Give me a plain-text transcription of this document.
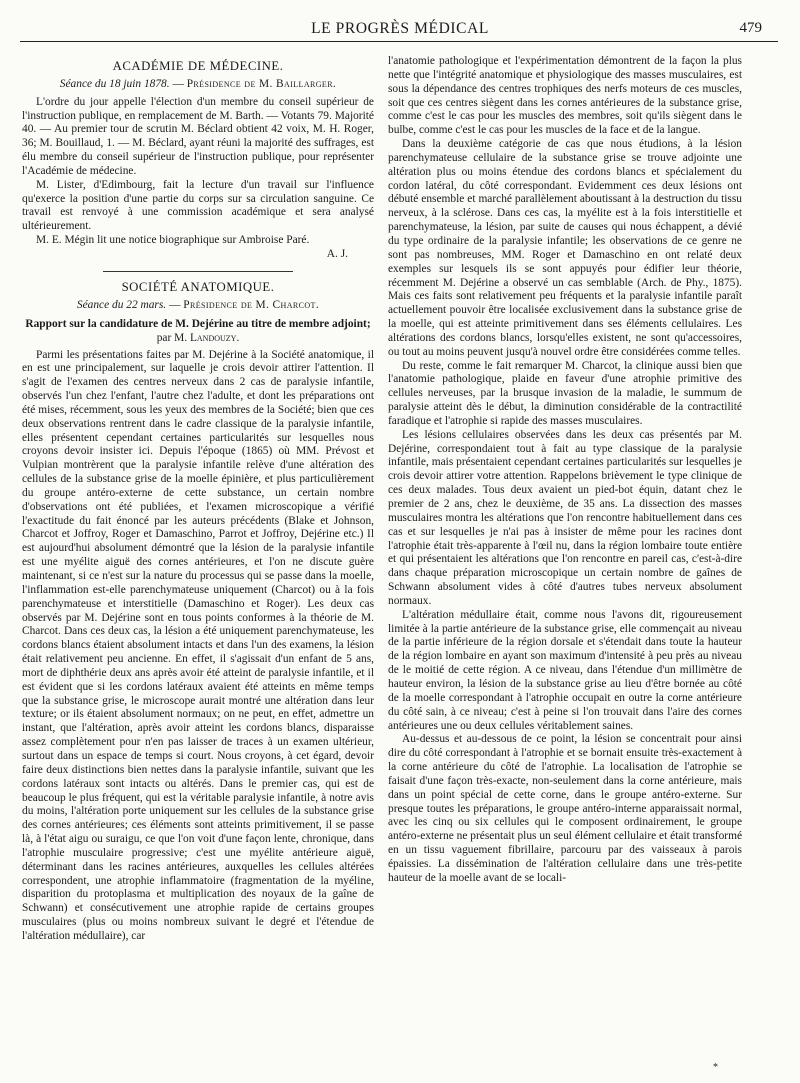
LE PROGRÈS MÉDICAL	479
ACADÉMIE DE MÉDECINE.
Séance du 18 juin 1878. — Présidence de M. Baillarger.

L'ordre du jour appelle l'élection d'un membre du conseil supérieur de l'instruction publique, en remplacement de M. Barth. — Votants 79. Majorité 40. — Au premier tour de scrutin M. Béclard obtient 42 voix, M. H. Roger, 36; M. Bouillaud, 1. — M. Béclard, ayant réuni la majorité des suffrages, est élu membre du conseil supérieur de l'instruction publique, pour représenter l'Académie de médecine.

M. Lister, d'Edimbourg, fait la lecture d'un travail sur l'influence qu'exerce la position d'une partie du corps sur sa circulation sanguine. Ce travail est renvoyé à une commission académique et sera analysé ultérieurement.

M. E. Mégin lit une notice biographique sur Ambroise Paré.

A. J.

SOCIÉTÉ ANATOMIQUE.
Séance du 22 mars. — Présidence de M. Charcot.
Rapport sur la candidature de M. Dejérine au titre de membre adjoint; par M. Landouzy.

Parmi les présentations faites par M. Dejérine à la Société anatomique, il en est une principalement, sur laquelle je crois devoir attirer l'attention. Il s'agit de l'examen des centres nerveux dans 2 cas de paralysie infantile, observés l'un chez l'enfant, l'autre chez l'adulte, et dont les préparations ont été mises, récemment, sous les yeux des membres de la Société; bien que ces deux observations rentrent dans le cadre classique de la paralysie infantile, elles présentent cependant certaines particularités sur lesquelles nous croyons devoir insister ici. Depuis l'époque (1865) où MM. Prévost et Vulpian montrèrent que la paralysie infantile relève d'une altération des cellules de la substance grise de la moelle épinière, et plus particulièrement du groupe antéro-externe de cette substance, un certain nombre d'observations ont été publiées, et l'examen microscopique a vérifié l'exactitude du fait énoncé par les auteurs précédents (Blake et Johnson, Charcot et Joffroy, Roger et Damaschino, Parrot et Joffroy, Dejérine etc.) Il est aujourd'hui absolument démontré que la lésion de la paralysie infantile est une myélite aiguë des cornes antérieures, et l'on ne discute guère maintenant, si ce n'est sur la nature du processus qui se passe dans la moelle, l'inflammation est-elle parenchymateuse uniquement (Charcot) ou à la fois parenchymateuse et interstitielle (Damaschino et Roger). Les deux cas observés par M. Dejérine sont en tous points conformes à la théorie de M. Charcot. Dans ces deux cas, la lésion a été uniquement parenchymateuse, les cordons blancs étaient absolument intacts et dans l'un des examens, la lésion était relativement peu ancienne. En effet, il s'agissait d'un enfant de 5 ans, mort de diphthérie deux ans après avoir été atteint de paralysie infantile, et il est évident que si les cordons latéraux avaient été atteints en même temps que la substance grise, le microscope aurait montré une altération dans leur texture; or ils étaient absolument normaux; on ne peut, en effet, admettre un instant, que l'altération, après avoir atteint les cordons blancs, disparaisse assez complètement pour n'en pas laisser de traces à un examen ultérieur, surtout dans un espace de temps si court. Nous croyons, à cet égard, devoir faire deux distinctions bien nettes dans la paralysie infantile, suivant que les cordons latéraux sont intacts ou altérés. Dans le premier cas, qui est de beaucoup le plus fréquent, qui est la véritable paralysie infantile, à notre avis du moins, l'altération porte uniquement sur les cellules de la substance grise des cornes antérieures; ces éléments sont atteints primitivement, il se passe là, à l'état aigu ou suraigu, ce que l'on voit d'une façon lente, chronique, dans l'atrophie musculaire progressive; c'est une myélite antérieure aiguë, déterminant dans les racines antérieures, auxquelles les cellules altérées correspondent, une atrophie inflammatoire (fragmentation de la myéline, disparition du protoplasma et multiplication des noyaux de la gaîne de Schwann) et consécutivement une atrophie rapide de certains groupes musculaires (plus ou moins nombreux suivant le degré et l'étendue de l'altération médullaire), car

l'anatomie pathologique et l'expérimentation démontrent de la façon la plus nette que l'intégrité anatomique et physiologique des masses musculaires, est sous la dépendance des centres trophiques des nerfs moteurs de ces muscles, soit que ces centres siègent dans les cornes antérieures de la substance grise, comme c'est le cas pour les muscles des membres, soit qu'ils siègent dans le bulbe, comme c'est le cas pour les muscles de la face et de la langue.

Dans la deuxième catégorie de cas que nous étudions, à la lésion parenchymateuse cellulaire de la substance grise se trouve adjointe une altération plus ou moins étendue des cordons blancs et spécialement du cordon latéral, du côté correspondant. Evidemment ces deux lésions ont débuté ensemble et marché parallèlement aboutissant à la destruction du tissu nerveux, à la sclérose. Dans ces cas, la myélite est à la fois interstitielle et parenchymateuse, la lésion, par suite de causes qui nous échappent, a dévié du type ordinaire de la paralysie infantile; les observations de ce genre ne sont pas nombreuses, MM. Roger et Damaschino en ont relaté deux exemples sur lesquels ils se sont appuyés pour édifier leur théorie, récemment M. Dejérine a observé un cas semblable (Arch. de Phy., 1875). Mais ces faits sont relativement peu fréquents et la paralysie infantile paraît actuellement pouvoir être localisée exclusivement dans la substance grise de la moelle, qui est atteinte primitivement dans ses éléments cellulaires. Les altérations des cordons blancs, lorsqu'elles existent, ne sont qu'accessoires, ou tout au moins peuvent jusqu'à nouvel ordre être considérées comme telles.

Du reste, comme le fait remarquer M. Charcot, la clinique aussi bien que l'anatomie pathologique, plaide en faveur d'une atrophie primitive des cellules nerveuses, par la brusque invasion de la maladie, le summum de paralysie atteint dès le début, la diminution considérable de la contractilité faradique et l'atrophie si rapide des masses musculaires.

Les lésions cellulaires observées dans les deux cas présentés par M. Dejérine, correspondaient tout à fait au type classique de la paralysie infantile, mais présentaient cependant certaines particularités sur lesquelles je crois devoir attirer votre attention. Rappelons brièvement le type clinique de ces deux malades. Tous deux avaient un pied-bot équin, datant chez le premier de 2 ans, chez le deuxième, de 35 ans. La dissection des masses musculaires montra les altérations que l'on rencontre habituellement dans ces cas et sur lesquelles je n'ai pas à insister de même pour les racines dont l'atrophie était très-apparente à l'œil nu, dans la région lombaire toute entière et qui présentaient les altérations que l'on rencontre en pareil cas, c'est-à-dire dans chaque préparation microscopique un certain nombre de gaînes de Schwann absolument vides à côté d'autres tubes nerveux absolument normaux.

L'altération médullaire était, comme nous l'avons dit, rigoureusement limitée à la partie antérieure de la substance grise, elle commençait au niveau de la partie inférieure de la région dorsale et s'étendait dans toute la hauteur de la région lombaire en ayant son maximum d'intensité à peu près au niveau de le moitié de cette région. A ce niveau, dans l'étendue d'un millimètre de hauteur environ, la lésion de la substance grise au lieu d'être bornée au côté de la moelle correspondant à l'atrophie occupait en outre la corne antérieure du côté sain, à ce niveau; c'est à peine si l'on trouvait dans l'aire des cornes antérieures une ou deux cellules véritablement saines.

Au-dessus et au-dessous de ce point, la lésion se concentrait pour ainsi dire du côté correspondant à l'atrophie et se bornait ensuite très-exactement à la corne antérieure du côté de l'atrophie. La localisation de l'atrophie se faisait d'une façon très-exacte, non-seulement dans la corne antérieure, mais dans un point spécial de cette corne, dans le groupe antéro-externe. Sur presque toutes les préparations, le groupe antéro-interne apparaissait normal, avec les cinq ou six cellules qui le composent ordinairement, le groupe antéro-externe ne présentait plus un seul élément cellulaire et était transformé en un tissu vaguement fibrillaire, parcouru par des vaisseaux à parois épaissies. La dissémination de l'altération cellulaire dans une très-petite hauteur de la moelle avant de se locali-

*
